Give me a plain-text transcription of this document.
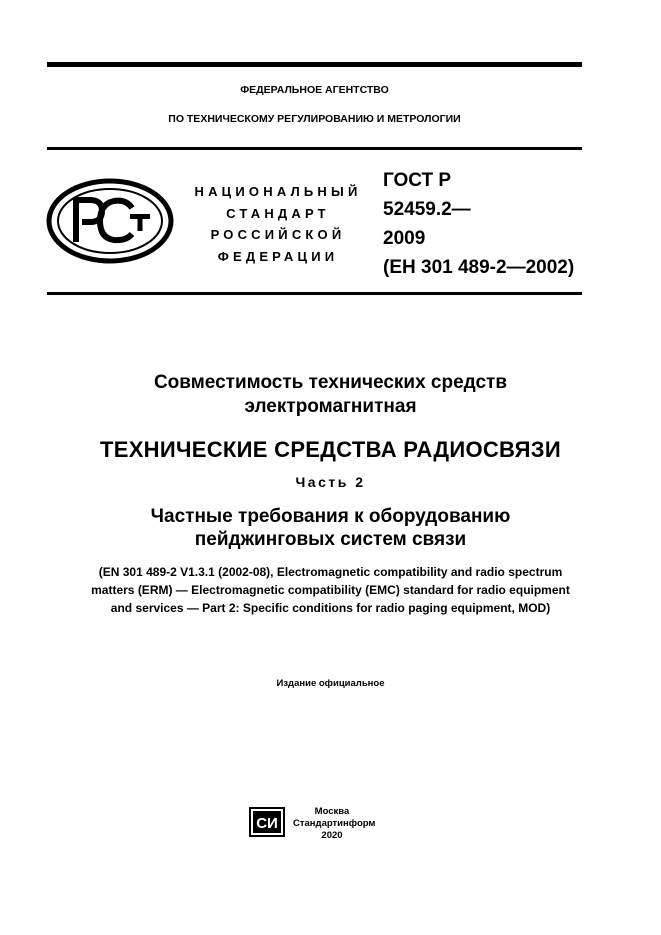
ФЕДЕРАЛЬНОЕ АГЕНТСТВО
ПО ТЕХНИЧЕСКОМУ РЕГУЛИРОВАНИЮ И МЕТРОЛОГИИ
НАЦИОНАЛЬНЫЙ
СТАНДАРТ
РОССИЙСКОЙ
ФЕДЕРАЦИИ
ГОСТ Р
52459.2—
2009
(ЕН 301 489-2—2002)
Совместимость технических средств
электромагнитная
ТЕХНИЧЕСКИЕ СРЕДСТВА РАДИОСВЯЗИ
Часть 2
Частные требования к оборудованию
пейджинговых систем связи
(EN 301 489-2 V1.3.1 (2002-08), Electromagnetic compatibility and radio spectrum
matters (ERM) — Electromagnetic compatibility (EMC) standard for radio equipment
and services — Part 2: Specific conditions for radio paging equipment, MOD)
Издание официальное
СИ
Москва
Стандартинформ
2020
